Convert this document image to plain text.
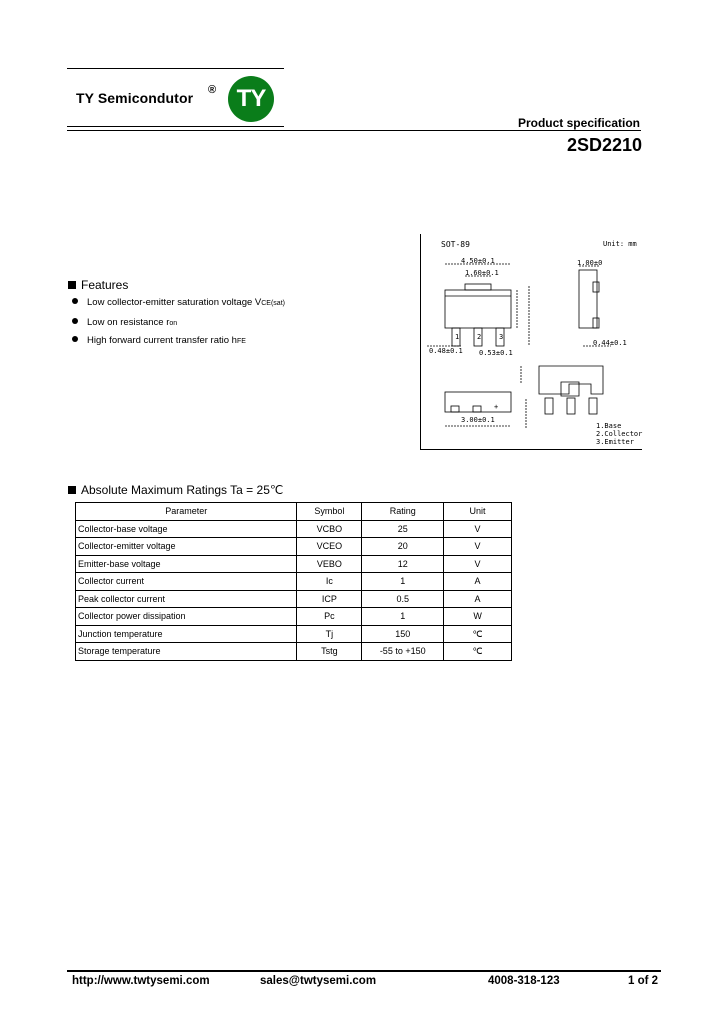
TY Semicondutor ® TY
Product specification
2SD2210
Features
Low collector-emitter saturation voltage VCE(sat)
Low on resistance ron
High forward current transfer ratio hFE
SOT-89	Unit: mm
4.50±0.1
1.60±0.1
0.48±0.1 0.53±0.1
1.00±0
0.44±0.1
3.00±0.1
1.Base
2.Collector
3.Emitter
1	2	3
+
Absolute Maximum Ratings Ta = 25℃
Parameter	Symbol	Rating	Unit
Collector-base voltage	VCBO	25	V
Collector-emitter voltage	VCEO	20	V
Emitter-base voltage	VEBO	12	V
Collector current	Ic	1	A
Peak collector current	ICP	0.5	A
Collector power dissipation	Pc	1	W
Junction temperature	Tj	150	℃
Storage temperature	Tstg	-55 to +150	℃
http://www.twtysemi.com	sales@twtysemi.com	4008-318-123	1 of 2
